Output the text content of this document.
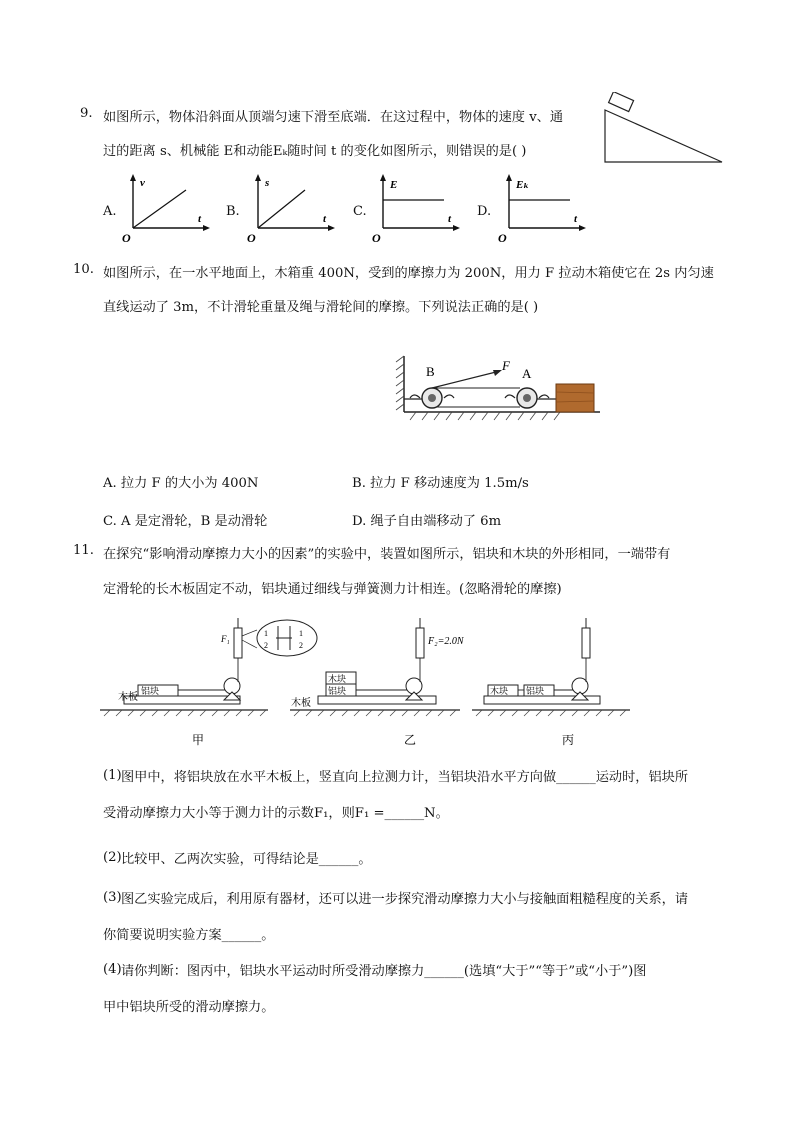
9. 如图所示，物体沿斜面从顶端匀速下滑至底端．在这过程中，物体的速度 v、通
过的距离 s、机械能 E和动能Eₖ随时间 t 的变化如图所示，则错误的是( )
A.
v
t
O
B.
s
t
O
C.
E
t
O
D.
Eₖ
t
O
10. 如图所示，在一水平地面上，木箱重 400N，受到的摩擦力为 200N，用力 F 拉动木箱使它在 2s 内匀速
直线运动了 3m，不计滑轮重量及绳与滑轮间的摩擦。下列说法正确的是( )
B	F
A
A. 拉力 F 的大小为 400N	B. 拉力 F 移动速度为 1.5m/s
C. A 是定滑轮，B 是动滑轮	D. 绳子自由端移动了 6m
11. 在探究“影响滑动摩擦力大小的因素”的实验中，装置如图所示，铝块和木块的外形相同，一端带有
定滑轮的长木板固定不动，铝块通过细线与弹簧测力计相连。(忽略滑轮的摩擦)
木板
铝块
F₁
1
2
1
2
甲
木板
木块
铝块
F₂=2.0N
乙
木块 铝块
丙
(1) 图甲中，将铝块放在水平木板上，竖直向上拉测力计，当铝块沿水平方向做______运动时，铝块所
受滑动摩擦力大小等于测力计的示数F₁，则F₁ =______N。
(2) 比较甲、乙两次实验，可得结论是______。
(3) 图乙实验完成后，利用原有器材，还可以进一步探究滑动摩擦力大小与接触面粗糙程度的关系，请
你简要说明实验方案______。
(4) 请你判断：图丙中，铝块水平运动时所受滑动摩擦力______(选填“大于”“等于”或“小于”)图
甲中铝块所受的滑动摩擦力。
